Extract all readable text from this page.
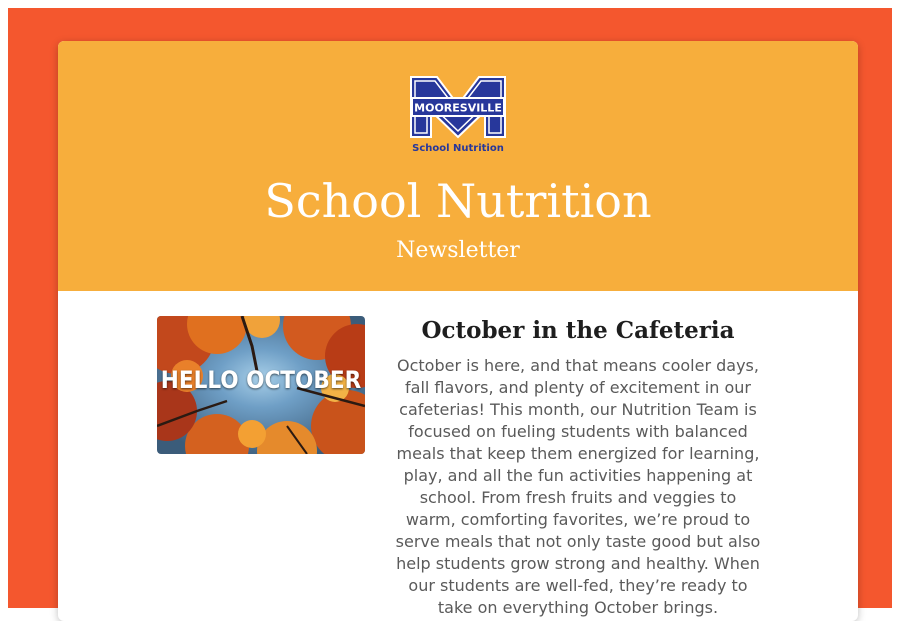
MOORESVILLE
School Nutrition
School Nutrition
Newsletter
HELLO OCTOBER
October in the Cafeteria

October is here, and that means cooler days, fall flavors, and plenty of excitement in our cafeterias! This month, our Nutrition Team is focused on fueling students with balanced meals that keep them energized for learning, play, and all the fun activities happening at school. From fresh fruits and veggies to warm, comforting favorites, we’re proud to serve meals that not only taste good but also help students grow strong and healthy. When our students are well-fed, they’re ready to take on everything October brings.
